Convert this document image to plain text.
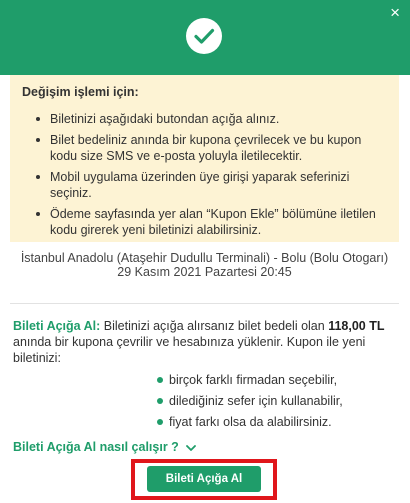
×

Değişim işlemi için:

Biletinizi aşağıdaki butondan açığa alınız.
Bilet bedeliniz anında bir kupona çevrilecek ve bu kupon kodu size SMS ve e-posta yoluyla iletilecektir.
Mobil uygulama üzerinden üye girişi yaparak seferinizi seçiniz.
Ödeme sayfasında yer alan “Kupon Ekle” bölümüne iletilen kodu girerek yeni biletinizi alabilirsiniz.
İstanbul Anadolu (Ataşehir Dudullu Terminali) - Bolu (Bolu Otogarı)
29 Kasım 2021 Pazartesi 20:45
Bileti Açığa Al: Biletinizi açığa alırsanız bilet bedeli olan 118,00 TL anında bir kupona çevrilir ve hesabınıza yüklenir. Kupon ile yeni biletinizi:
birçok farklı firmadan seçebilir,
dilediğiniz sefer için kullanabilir,
fiyat farkı olsa da alabilirsiniz.
Bileti Açığa Al nasıl çalışır ?
Bileti Açığa Al
